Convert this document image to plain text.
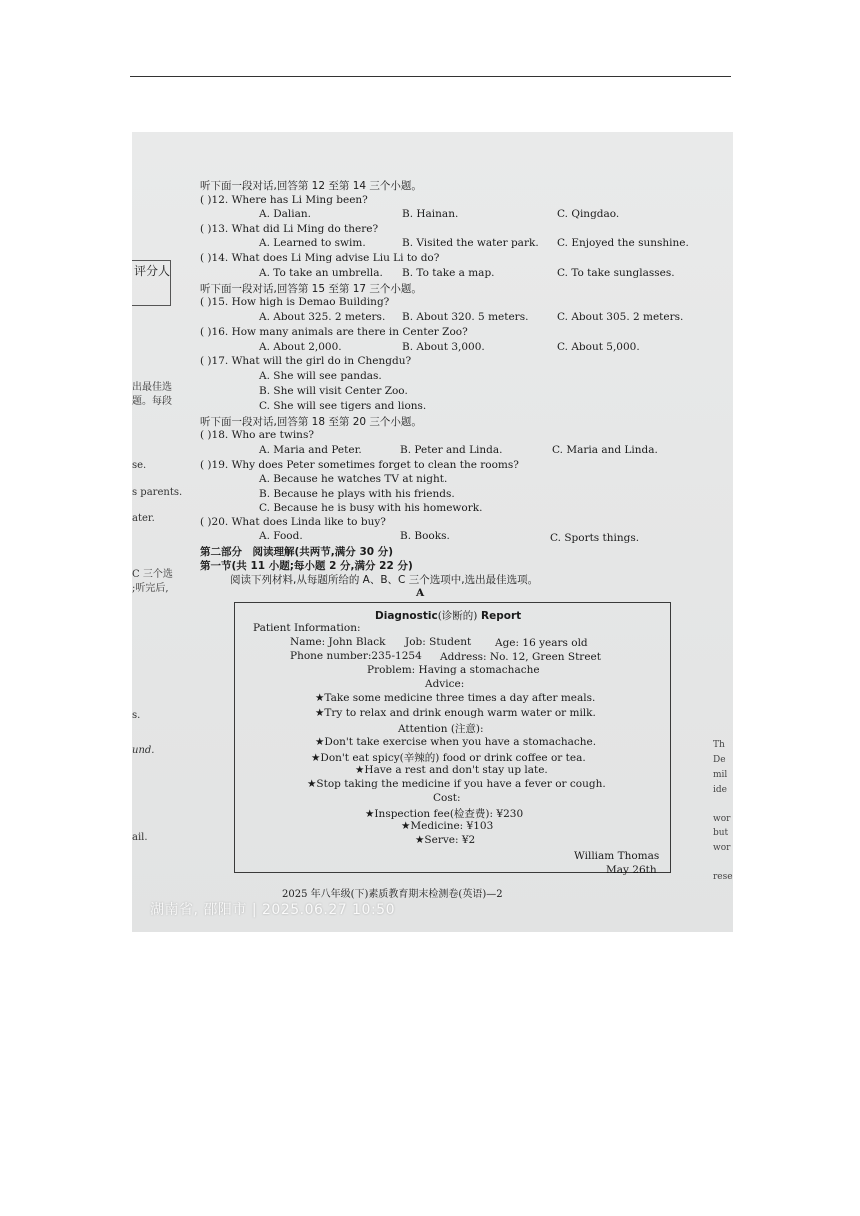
评分人
出最佳选
题。每段
se.
s parents.
ater.
C 三个选
;听完后,
s.
und.
ail.
Th
De
mil
ide
wor
but
wor
rese
听下面一段对话,回答第 12 至第 14 三个小题。
( )12. Where has Li Ming been?
A. Dalian.	B. Hainan.	C. Qingdao.
( )13. What did Li Ming do there?
A. Learned to swim.	B. Visited the water park. C. Enjoyed the sunshine.
( )14. What does Li Ming advise Liu Li to do?
A. To take an umbrella. B. To take a map.	C. To take sunglasses.
听下面一段对话,回答第 15 至第 17 三个小题。
( )15. How high is Demao Building?
A. About 325. 2 meters. B. About 320. 5 meters.	C. About 305. 2 meters.
( )16. How many animals are there in Center Zoo?
A. About 2,000.	B. About 3,000.	C. About 5,000.
( )17. What will the girl do in Chengdu?
A. She will see pandas.
B. She will visit Center Zoo.
C. She will see tigers and lions.
听下面一段对话,回答第 18 至第 20 三个小题。
( )18. Who are twins?
A. Maria and Peter.	B. Peter and Linda.	C. Maria and Linda.
( )19. Why does Peter sometimes forget to clean the rooms?
A. Because he watches TV at night.
B. Because he plays with his friends.
C. Because he is busy with his homework.
( )20. What does Linda like to buy?
A. Food.	B. Books.	C. Sports things.
第二部分　阅读理解(共两节,满分 30 分)
第一节(共 11 小题;每小题 2 分,满分 22 分)
阅读下列材料,从每题所给的 A、B、C 三个选项中,选出最佳选项。
A
Diagnostic(诊断的) Report
Patient Information:
Name: John Black Job: Student Age: 16 years old
Phone number:235-1254 Address: No. 12, Green Street
Problem: Having a stomachache
Advice:
★Take some medicine three times a day after meals.
★Try to relax and drink enough warm water or milk.
Attention (注意):
★Don't take exercise when you have a stomachache.
★Don't eat spicy(辛辣的) food or drink coffee or tea.
★Have a rest and don't stay up late.
★Stop taking the medicine if you have a fever or cough.
Cost:
★Inspection fee(检查费): ¥230
★Medicine: ¥103
★Serve: ¥2
William Thomas
May 26th
2025 年八年级(下)素质教育期末检测卷(英语)—2
湖南省, 邵阳市 | 2025.06.27 10:50
